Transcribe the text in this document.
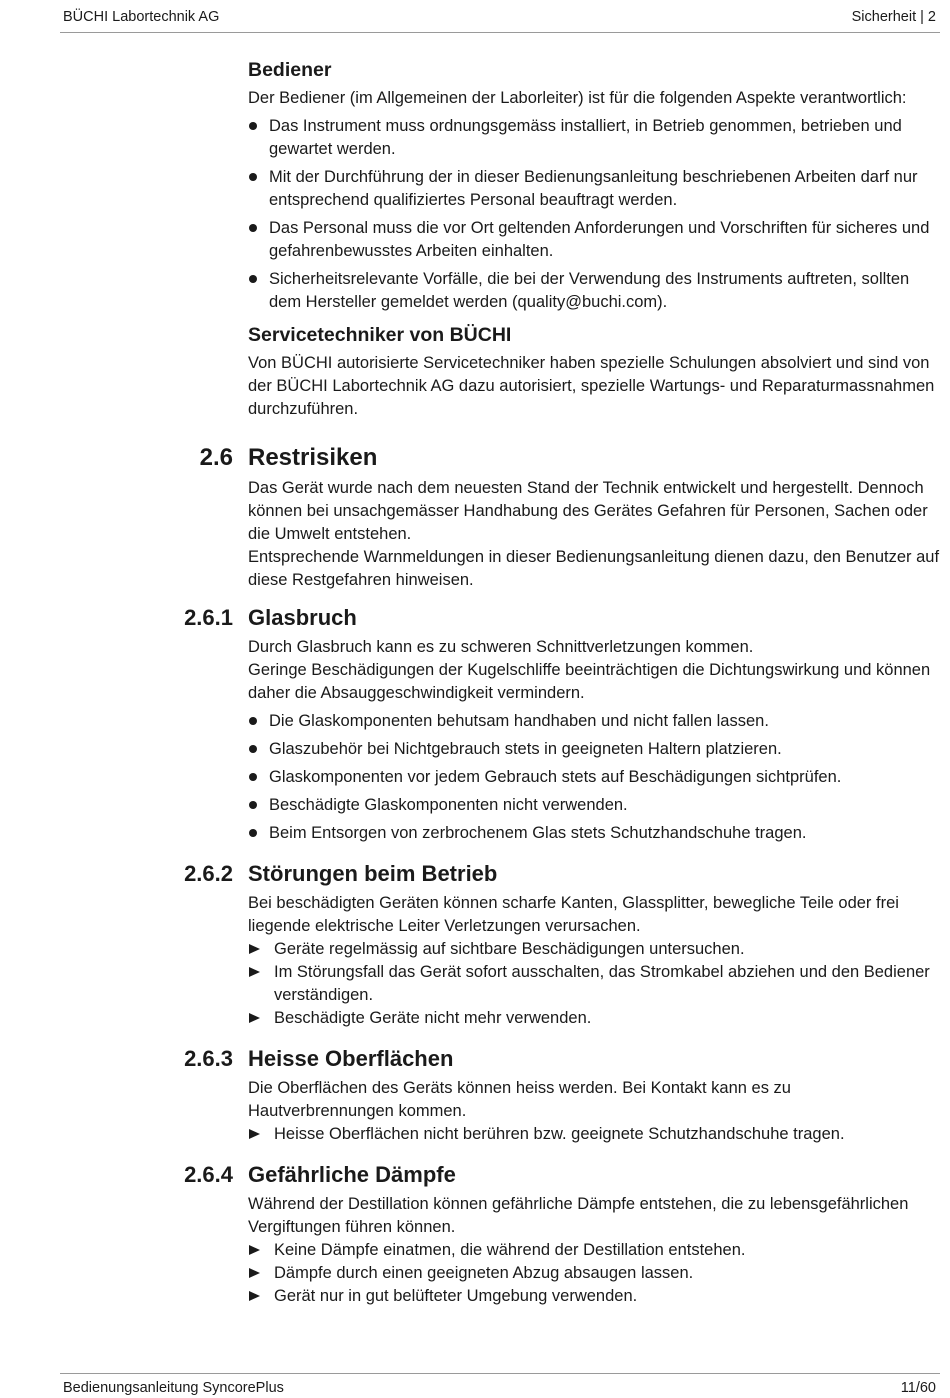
BÜCHI Labortechnik AG	Sicherheit | 2
Bediener

Der Bediener (im Allgemeinen der Laborleiter) ist für die folgenden Aspekte verantwortlich:

Das Instrument muss ordnungsgemäss installiert, in Betrieb genommen, betrieben und gewartet werden.
Mit der Durchführung der in dieser Bedienungsanleitung beschriebenen Arbeiten darf nur entsprechend qualifiziertes Personal beauftragt werden.
Das Personal muss die vor Ort geltenden Anforderungen und Vorschriften für sicheres und gefahrenbewusstes Arbeiten einhalten.
Sicherheitsrelevante Vorfälle, die bei der Verwendung des Instruments auftreten, sollten dem Hersteller gemeldet werden (quality@buchi.com).
Servicetechniker von BÜCHI

Von BÜCHI autorisierte Servicetechniker haben spezielle Schulungen absolviert und sind von der BÜCHI Labortechnik AG dazu autorisiert, spezielle Wartungs- und Reparaturmassnahmen durchzuführen.

2.6 Restrisiken

Das Gerät wurde nach dem neuesten Stand der Technik entwickelt und hergestellt. Dennoch können bei unsachgemässer Handhabung des Gerätes Gefahren für Personen, Sachen oder die Umwelt entstehen.

Entsprechende Warnmeldungen in dieser Bedienungsanleitung dienen dazu, den Benutzer auf diese Restgefahren hinweisen.

2.6.1 Glasbruch

Durch Glasbruch kann es zu schweren Schnittverletzungen kommen.

Geringe Beschädigungen der Kugelschliffe beeinträchtigen die Dichtungswirkung und können daher die Absauggeschwindigkeit vermindern.

Die Glaskomponenten behutsam handhaben und nicht fallen lassen.
Glaszubehör bei Nichtgebrauch stets in geeigneten Haltern platzieren.
Glaskomponenten vor jedem Gebrauch stets auf Beschädigungen sichtprüfen.
Beschädigte Glaskomponenten nicht verwenden.
Beim Entsorgen von zerbrochenem Glas stets Schutzhandschuhe tragen.
2.6.2 Störungen beim Betrieb

Bei beschädigten Geräten können scharfe Kanten, Glassplitter, bewegliche Teile oder frei liegende elektrische Leiter Verletzungen verursachen.

Geräte regelmässig auf sichtbare Beschädigungen untersuchen.
Im Störungsfall das Gerät sofort ausschalten, das Stromkabel abziehen und den Bediener verständigen.
Beschädigte Geräte nicht mehr verwenden.
2.6.3 Heisse Oberflächen

Die Oberflächen des Geräts können heiss werden. Bei Kontakt kann es zu Hautverbrennungen kommen.

Heisse Oberflächen nicht berühren bzw. geeignete Schutzhandschuhe tragen.
2.6.4 Gefährliche Dämpfe

Während der Destillation können gefährliche Dämpfe entstehen, die zu lebensgefährlichen Vergiftungen führen können.

Keine Dämpfe einatmen, die während der Destillation entstehen.
Dämpfe durch einen geeigneten Abzug absaugen lassen.
Gerät nur in gut belüfteter Umgebung verwenden.
Bedienungsanleitung SyncorePlus	11/60
